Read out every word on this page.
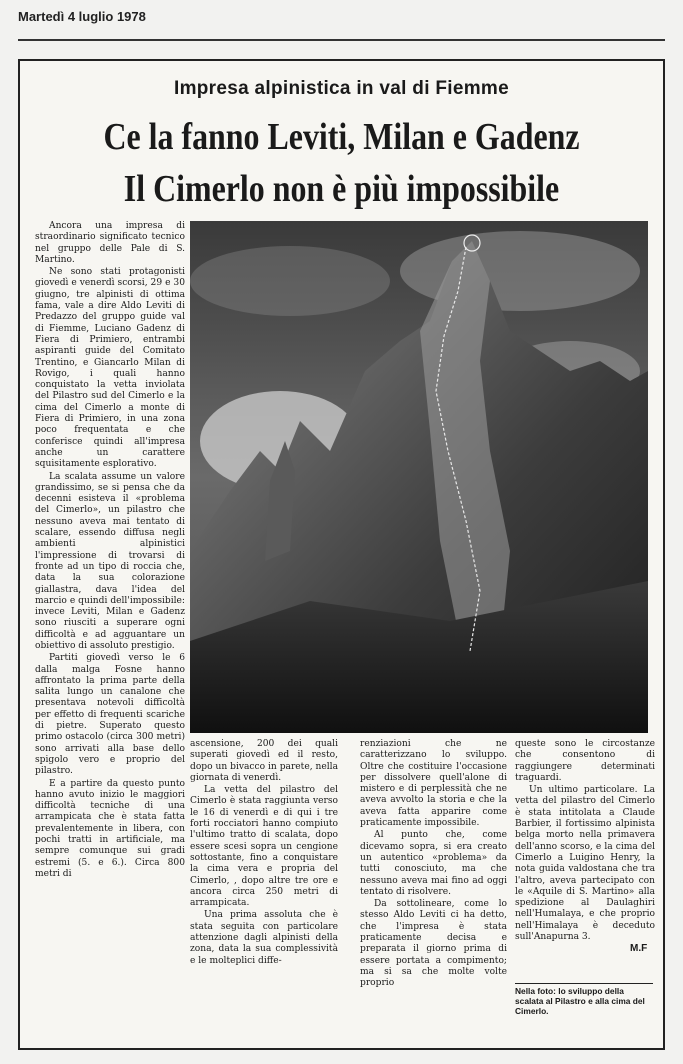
Martedì 4 luglio 1978
Impresa alpinistica in val di Fiemme
Ce la fanno Leviti, Milan e Gadenz
Il Cimerlo non è più impossibile

Ancora una impresa di straordinario significato tecnico nel gruppo delle Pale di S. Martino.

Ne sono stati protagonisti giovedì e venerdì scorsi, 29 e 30 giugno, tre alpinisti di ottima fama, vale a dire Aldo Leviti di Predazzo del gruppo guide val di Fiemme, Luciano Gadenz di Fiera di Primiero, entrambi aspiranti guide del Comitato Trentino, e Giancarlo Milan di Rovigo, i quali hanno conquistato la vetta inviolata del Pilastro sud del Cimerlo e la cima del Cimerlo a monte di Fiera di Primiero, in una zona poco frequentata e che conferisce quindi all'impresa anche un carattere squisitamente esplorativo.

La scalata assume un valore grandissimo, se si pensa che da decenni esisteva il «problema del Cimerlo», un pilastro che nessuno aveva mai tentato di scalare, essendo diffusa negli ambienti alpinistici l'impressione di trovarsi di fronte ad un tipo di roccia che, data la sua colorazione giallastra, dava l'idea del marcio e quindi dell'impossibile: invece Leviti, Milan e Gadenz sono riusciti a superare ogni difficoltà e ad agguantare un obiettivo di assoluto prestigio.

Partiti giovedì verso le 6 dalla malga Fosne hanno affrontato la prima parte della salita lungo un canalone che presentava notevoli difficoltà per effetto di frequenti scariche di pietre. Superato questo primo ostacolo (circa 300 metri) sono arrivati alla base dello spigolo vero e proprio del pilastro.

E a partire da questo punto hanno avuto inizio le maggiori difficoltà tecniche di una arrampicata che è stata fatta prevalentemente in libera, con pochi tratti in artificiale, ma sempre comunque sui gradi estremi (5. e 6.). Circa 800 metri di

ascensione, 200 dei quali superati giovedì ed il resto, dopo un bivacco in parete, nella giornata di venerdì.

La vetta del pilastro del Cimerlo è stata raggiunta verso le 16 di venerdì e di qui i tre forti rocciatori hanno compiuto l'ultimo tratto di scalata, dopo essere scesi sopra un cengione sottostante, fino a conquistare la cima vera e propria del Cimerlo, , dopo altre tre ore e ancora circa 250 metri di arrampicata.

Una prima assoluta che è stata seguita con particolare attenzione dagli alpinisti della zona, data la sua complessività e le molteplici diffe-

renziazioni che ne caratterizzano lo sviluppo. Oltre che costituire l'occasione per dissolvere quell'alone di mistero e di perplessità che ne aveva avvolto la storia e che la aveva fatta apparire come praticamente impossibile.

Al punto che, come dicevamo sopra, si era creato un autentico «problema» da tutti conosciuto, ma che nessuno aveva mai fino ad oggi tentato di risolvere.

Da sottolineare, come lo stesso Aldo Leviti ci ha detto, che l'impresa è stata praticamente decisa e preparata il giorno prima di essere portata a compimento; ma si sa che molte volte proprio

queste sono le circostanze che consentono di raggiungere determinati traguardi.

Un ultimo particolare. La vetta del pilastro del Cimerlo è stata intitolata a Claude Barbier, il fortissimo alpinista belga morto nella primavera dell'anno scorso, e la cima del Cimerlo a Luigino Henry, la nota guida valdostana che tra l'altro, aveva partecipato con le «Aquile di S. Martino» alla spedizione al Daulaghiri nell'Humalaya, e che proprio nell'Himalaya è deceduto sull'Anapurna 3.

M.F
Nella foto: lo sviluppo della scalata al Pilastro e alla cima del Cimerlo.
